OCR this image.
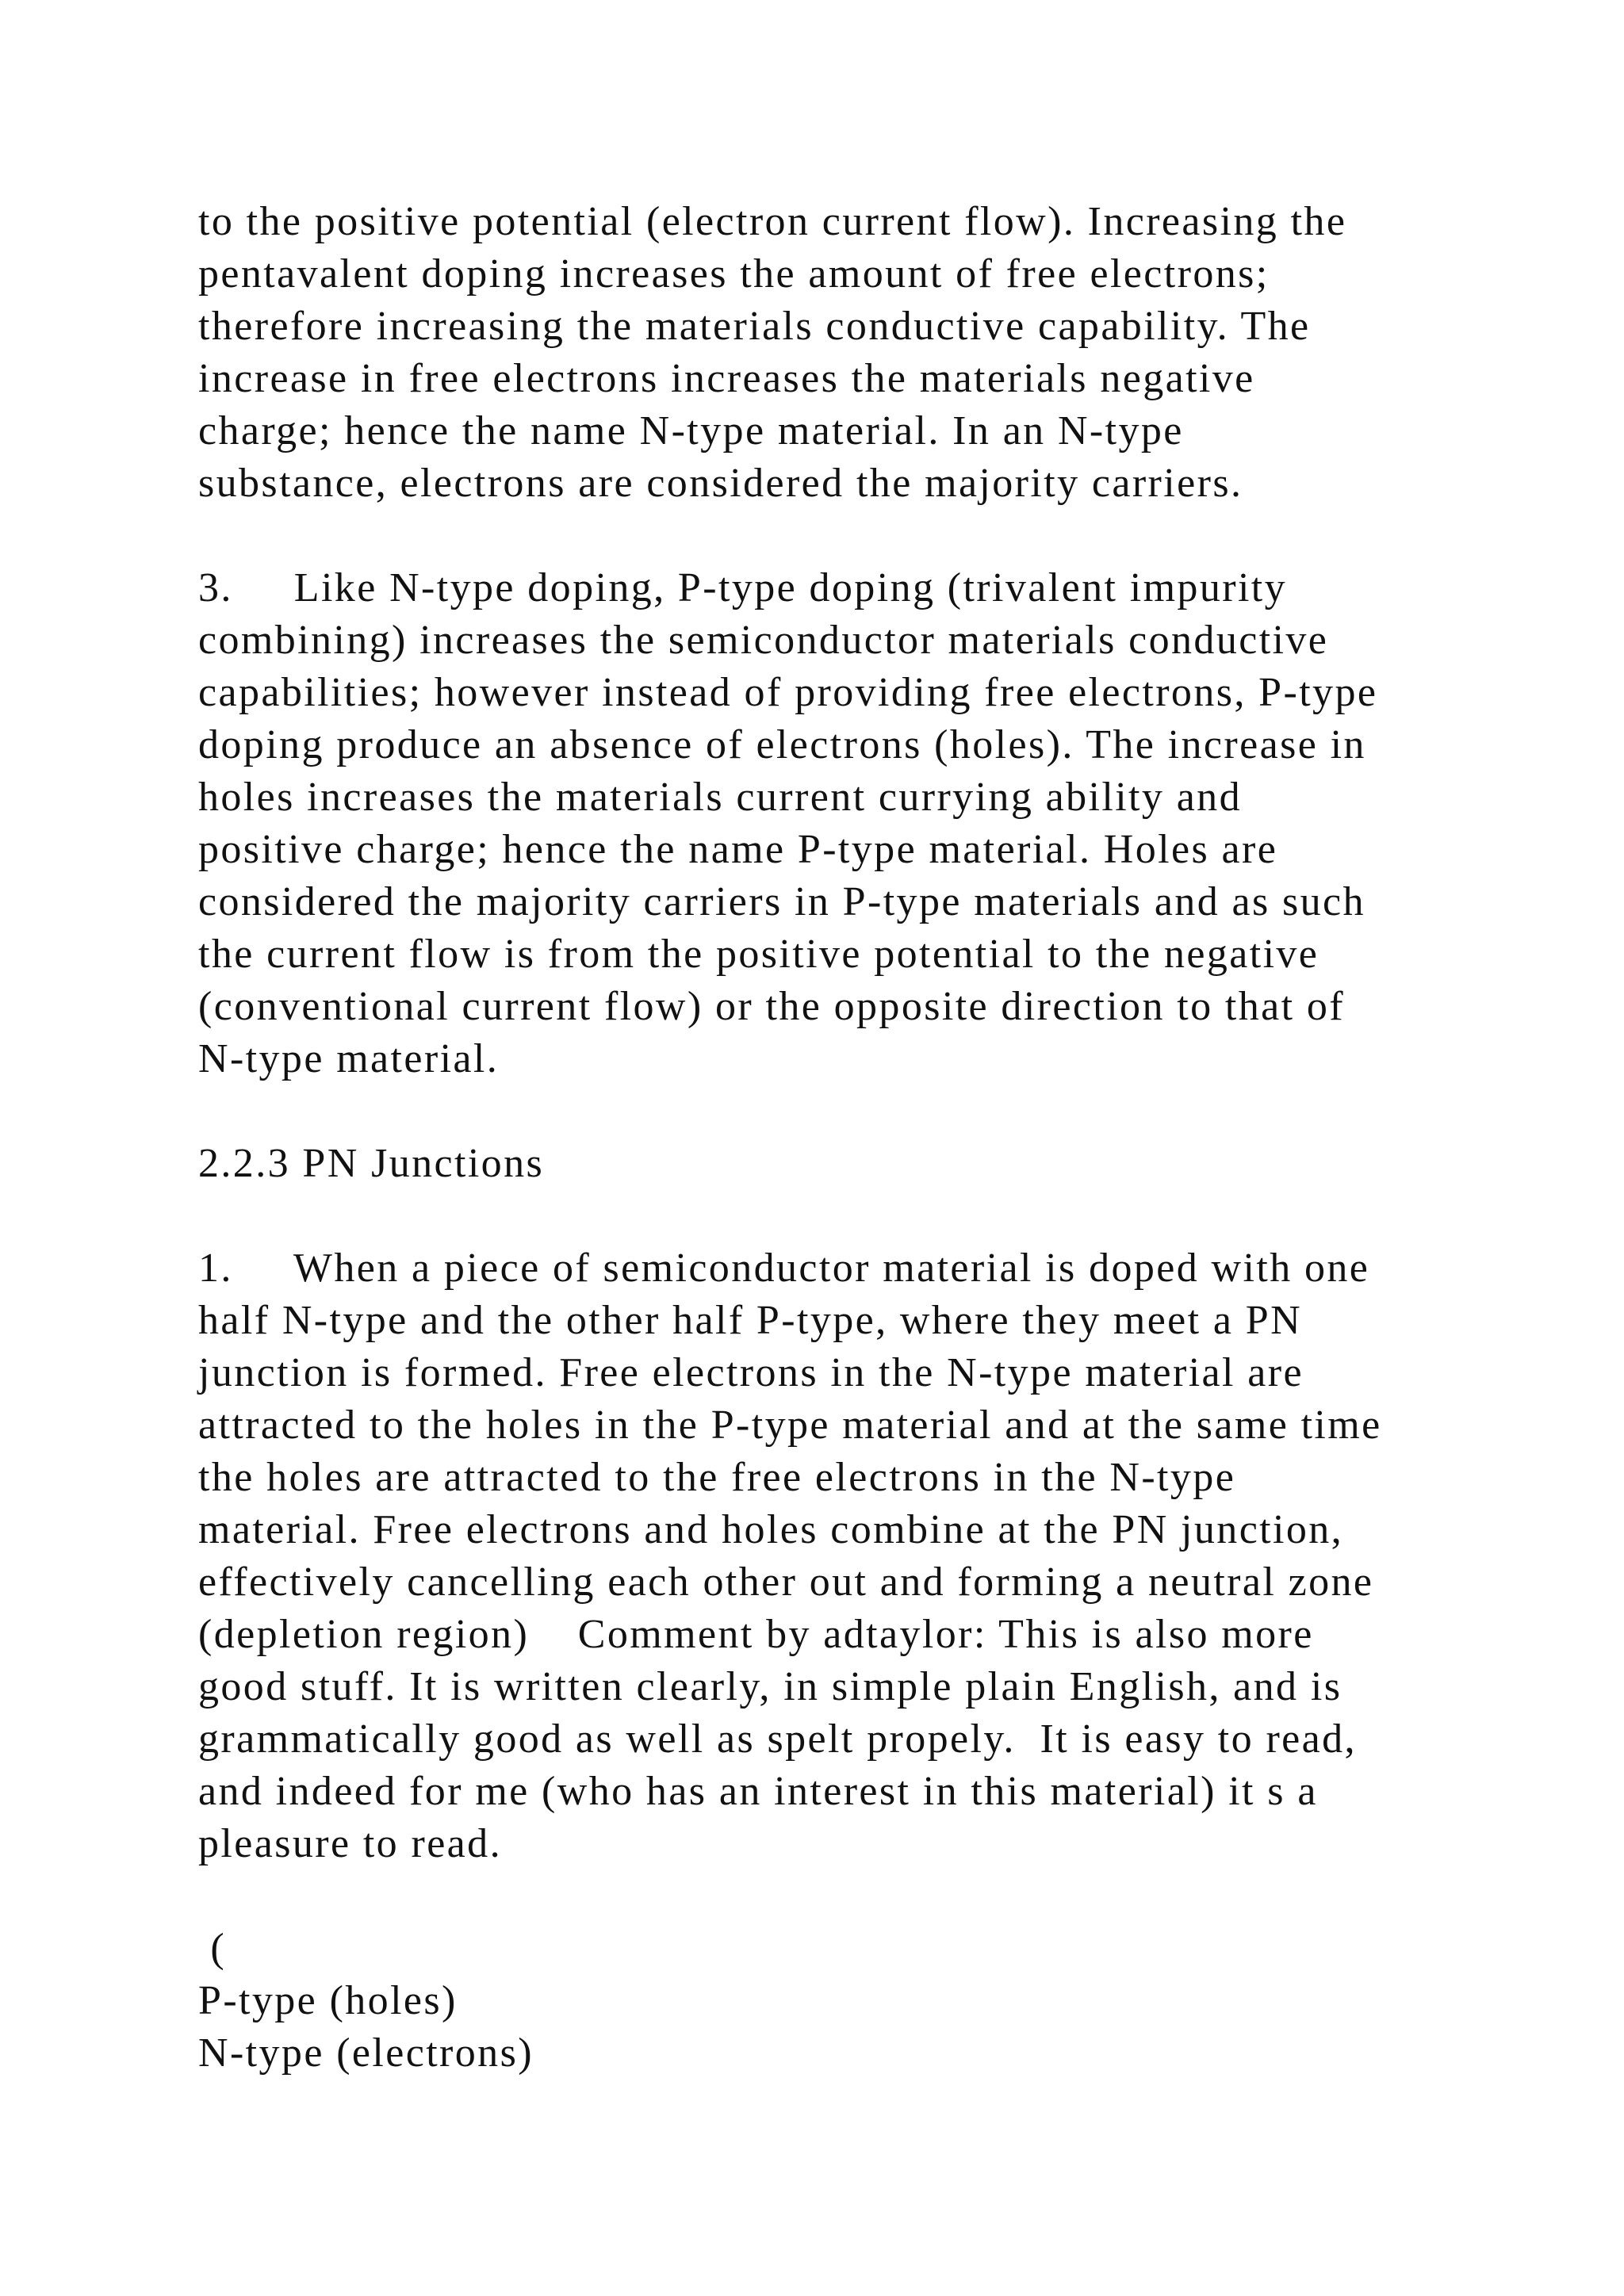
to the positive potential (electron current flow). Increasing the

pentavalent doping increases the amount of free electrons;

therefore increasing the materials conductive capability. The

increase in free electrons increases the materials negative

charge; hence the name N-type material. In an N-type

substance, electrons are considered the majority carriers.

3.     Like N-type doping, P-type doping (trivalent impurity

combining) increases the semiconductor materials conductive

capabilities; however instead of providing free electrons, P-type

doping produce an absence of electrons (holes). The increase in

holes increases the materials current currying ability and

positive charge; hence the name P-type material. Holes are

considered the majority carriers in P-type materials and as such

the current flow is from the positive potential to the negative

(conventional current flow) or the opposite direction to that of

N-type material.

2.2.3 PN Junctions

1.     When a piece of semiconductor material is doped with one

half N-type and the other half P-type, where they meet a PN

junction is formed. Free electrons in the N-type material are

attracted to the holes in the P-type material and at the same time

the holes are attracted to the free electrons in the N-type

material. Free electrons and holes combine at the PN junction,

effectively cancelling each other out and forming a neutral zone

(depletion region)    Comment by adtaylor: This is also more

good stuff. It is written clearly, in simple plain English, and is

grammatically good as well as spelt propely.  It is easy to read,

and indeed for me (who has an interest in this material) it s a

pleasure to read.

(

P-type (holes)

N-type (electrons)
